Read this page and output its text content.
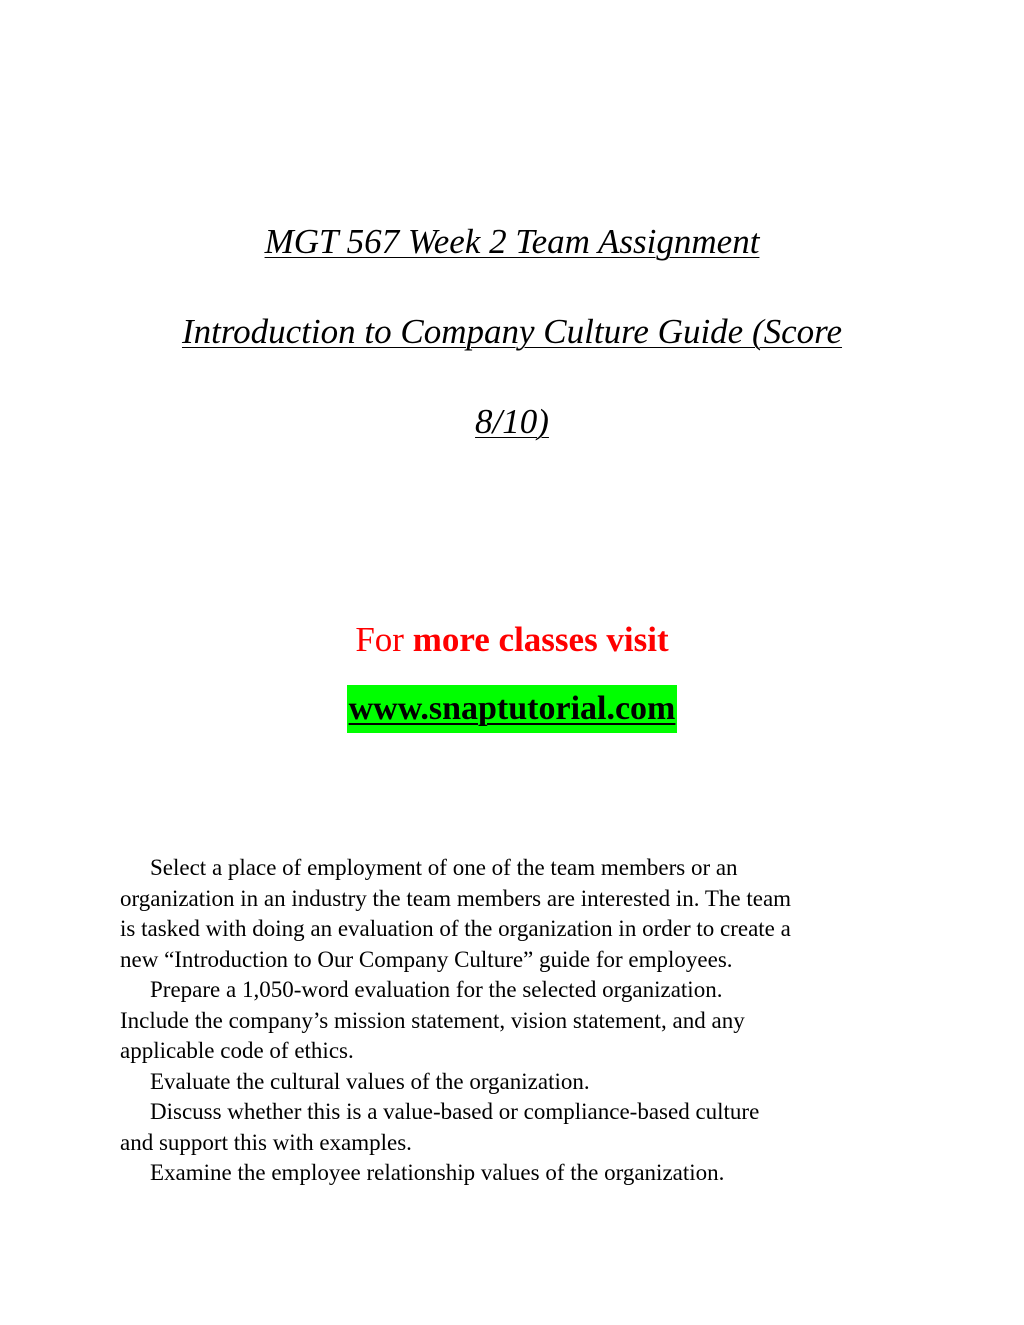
MGT 567 Week 2 Team Assignment
Introduction to Company Culture Guide (Score
8/10)
For more classes visit
www.snaptutorial.com
Select a place of employment of one of the team members or an
organization in an industry the team members are interested in. The team
is tasked with doing an evaluation of the organization in order to create a
new “Introduction to Our Company Culture” guide for employees.
Prepare a 1,050-word evaluation for the selected organization.
Include the company’s mission statement, vision statement, and any
applicable code of ethics.
Evaluate the cultural values of the organization.
Discuss whether this is a value-based or compliance-based culture
and support this with examples.
Examine the employee relationship values of the organization.
